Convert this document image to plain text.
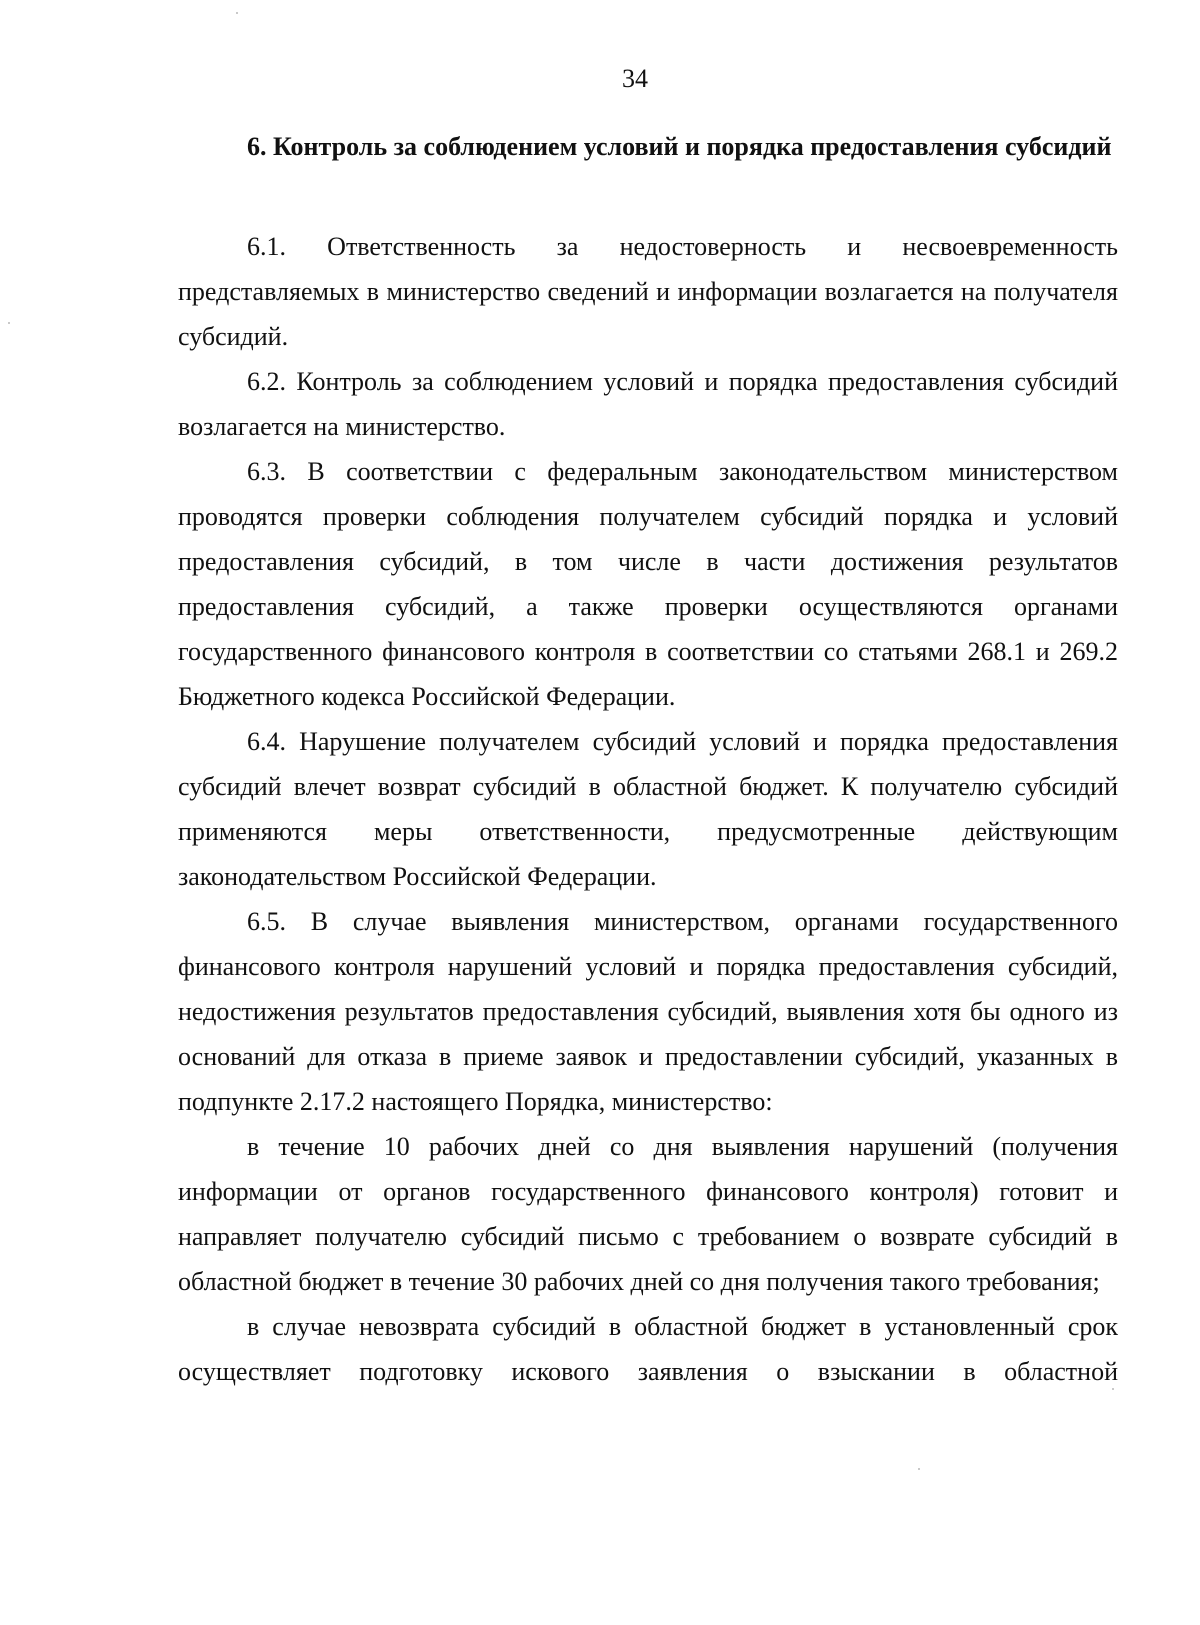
34
6. Контроль за соблюдением условий и порядка предоставления субсидий

6.1. Ответственность за недостоверность и несвоевременность представляемых в министерство сведений и информации возлагается на получателя субсидий.

6.2. Контроль за соблюдением условий и порядка предоставления субсидий возлагается на министерство.

6.3. В соответствии с федеральным законодательством министерством проводятся проверки соблюдения получателем субсидий порядка и условий предоставления субсидий, в том числе в части достижения результатов предоставления субсидий, а также проверки осуществляются органами государственного финансового контроля в соответствии со статьями 268.1 и 269.2 Бюджетного кодекса Российской Федерации.

6.4. Нарушение получателем субсидий условий и порядка предоставления субсидий влечет возврат субсидий в областной бюджет. К получателю субсидий применяются меры ответственности, предусмотренные действующим законодательством Российской Федерации.

6.5. В случае выявления министерством, органами государственного финансового контроля нарушений условий и порядка предоставления субсидий, недостижения результатов предоставления субсидий, выявления хотя бы одного из оснований для отказа в приеме заявок и предоставлении субсидий, указанных в подпункте 2.17.2 настоящего Порядка, министерство:

в течение 10 рабочих дней со дня выявления нарушений (получения информации от органов государственного финансового контроля) готовит и направляет получателю субсидий письмо с требованием о возврате субсидий в областной бюджет в течение 30 рабочих дней со дня получения такого требования;

в случае невозврата субсидий в областной бюджет в установленный срок осуществляет подготовку искового заявления о взыскании в областной
